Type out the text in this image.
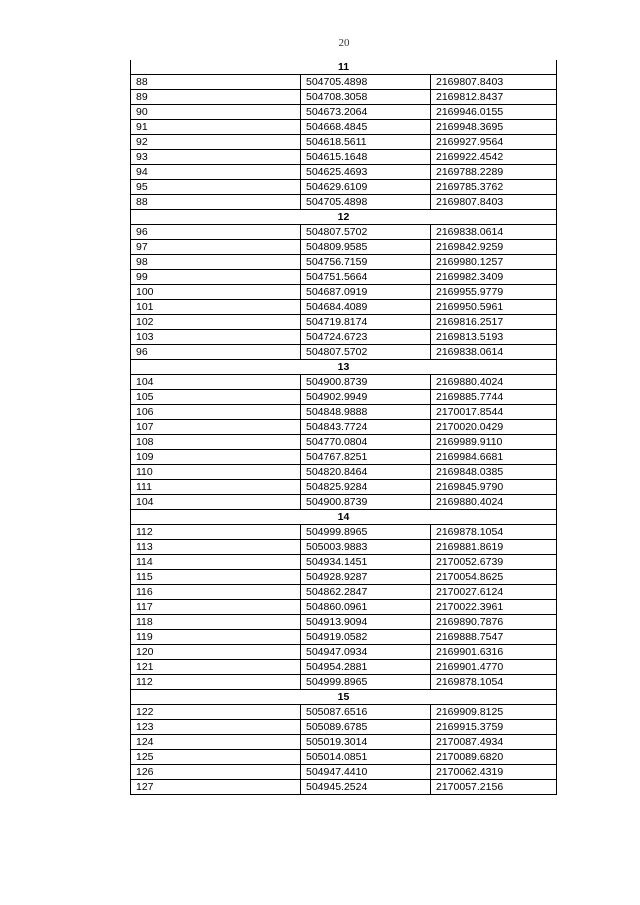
20
11		
88	504705.4898	2169807.8403
89	504708.3058	2169812.8437
90	504673.2064	2169946.0155
91	504668.4845	2169948.3695
92	504618.5611	2169927.9564
93	504615.1648	2169922.4542
94	504625.4693	2169788.2289
95	504629.6109	2169785.3762
88	504705.4898	2169807.8403
12		
96	504807.5702	2169838.0614
97	504809.9585	2169842.9259
98	504756.7159	2169980.1257
99	504751.5664	2169982.3409
100	504687.0919	2169955.9779
101	504684.4089	2169950.5961
102	504719.8174	2169816.2517
103	504724.6723	2169813.5193
96	504807.5702	2169838.0614
13		
104	504900.8739	2169880.4024
105	504902.9949	2169885.7744
106	504848.9888	2170017.8544
107	504843.7724	2170020.0429
108	504770.0804	2169989.9110
109	504767.8251	2169984.6681
110	504820.8464	2169848.0385
111	504825.9284	2169845.9790
104	504900.8739	2169880.4024
14		
112	504999.8965	2169878.1054
113	505003.9883	2169881.8619
114	504934.1451	2170052.6739
115	504928.9287	2170054.8625
116	504862.2847	2170027.6124
117	504860.0961	2170022.3961
118	504913.9094	2169890.7876
119	504919.0582	2169888.7547
120	504947.0934	2169901.6316
121	504954.2881	2169901.4770
112	504999.8965	2169878.1054
15		
122	505087.6516	2169909.8125
123	505089.6785	2169915.3759
124	505019.3014	2170087.4934
125	505014.0851	2170089.6820
126	504947.4410	2170062.4319
127	504945.2524	2170057.2156
